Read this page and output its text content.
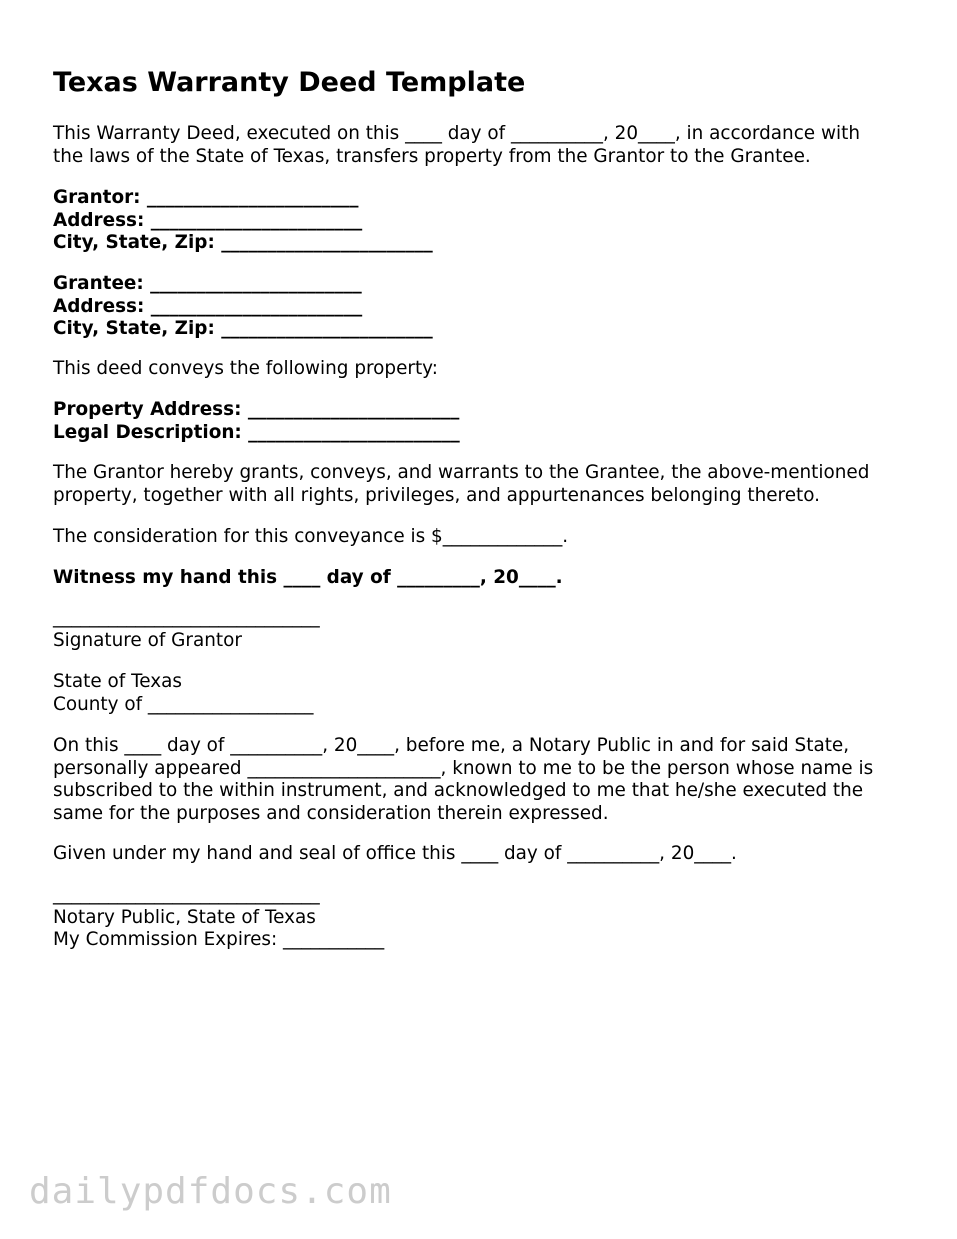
Texas Warranty Deed Template
This Warranty Deed, executed on this ____ day of __________, 20____, in accordance with
the laws of the State of Texas, transfers property from the Grantor to the Grantee.
Grantor: _______________________
Address: _______________________
City, State, Zip: _______________________
Grantee: _______________________
Address: _______________________
City, State, Zip: _______________________
This deed conveys the following property:
Property Address: _______________________
Legal Description: _______________________
The Grantor hereby grants, conveys, and warrants to the Grantee, the above-mentioned
property, together with all rights, privileges, and appurtenances belonging thereto.
The consideration for this conveyance is $_____________.
Witness my hand this ____ day of _________, 20____.
_____________________________
Signature of Grantor
State of Texas
County of __________________
On this ____ day of __________, 20____, before me, a Notary Public in and for said State,
personally appeared _____________________, known to me to be the person whose name is
subscribed to the within instrument, and acknowledged to me that he/she executed the
same for the purposes and consideration therein expressed.
Given under my hand and seal of office this ____ day of __________, 20____.
_____________________________
Notary Public, State of Texas
My Commission Expires: ___________
dailypdfdocs.com
